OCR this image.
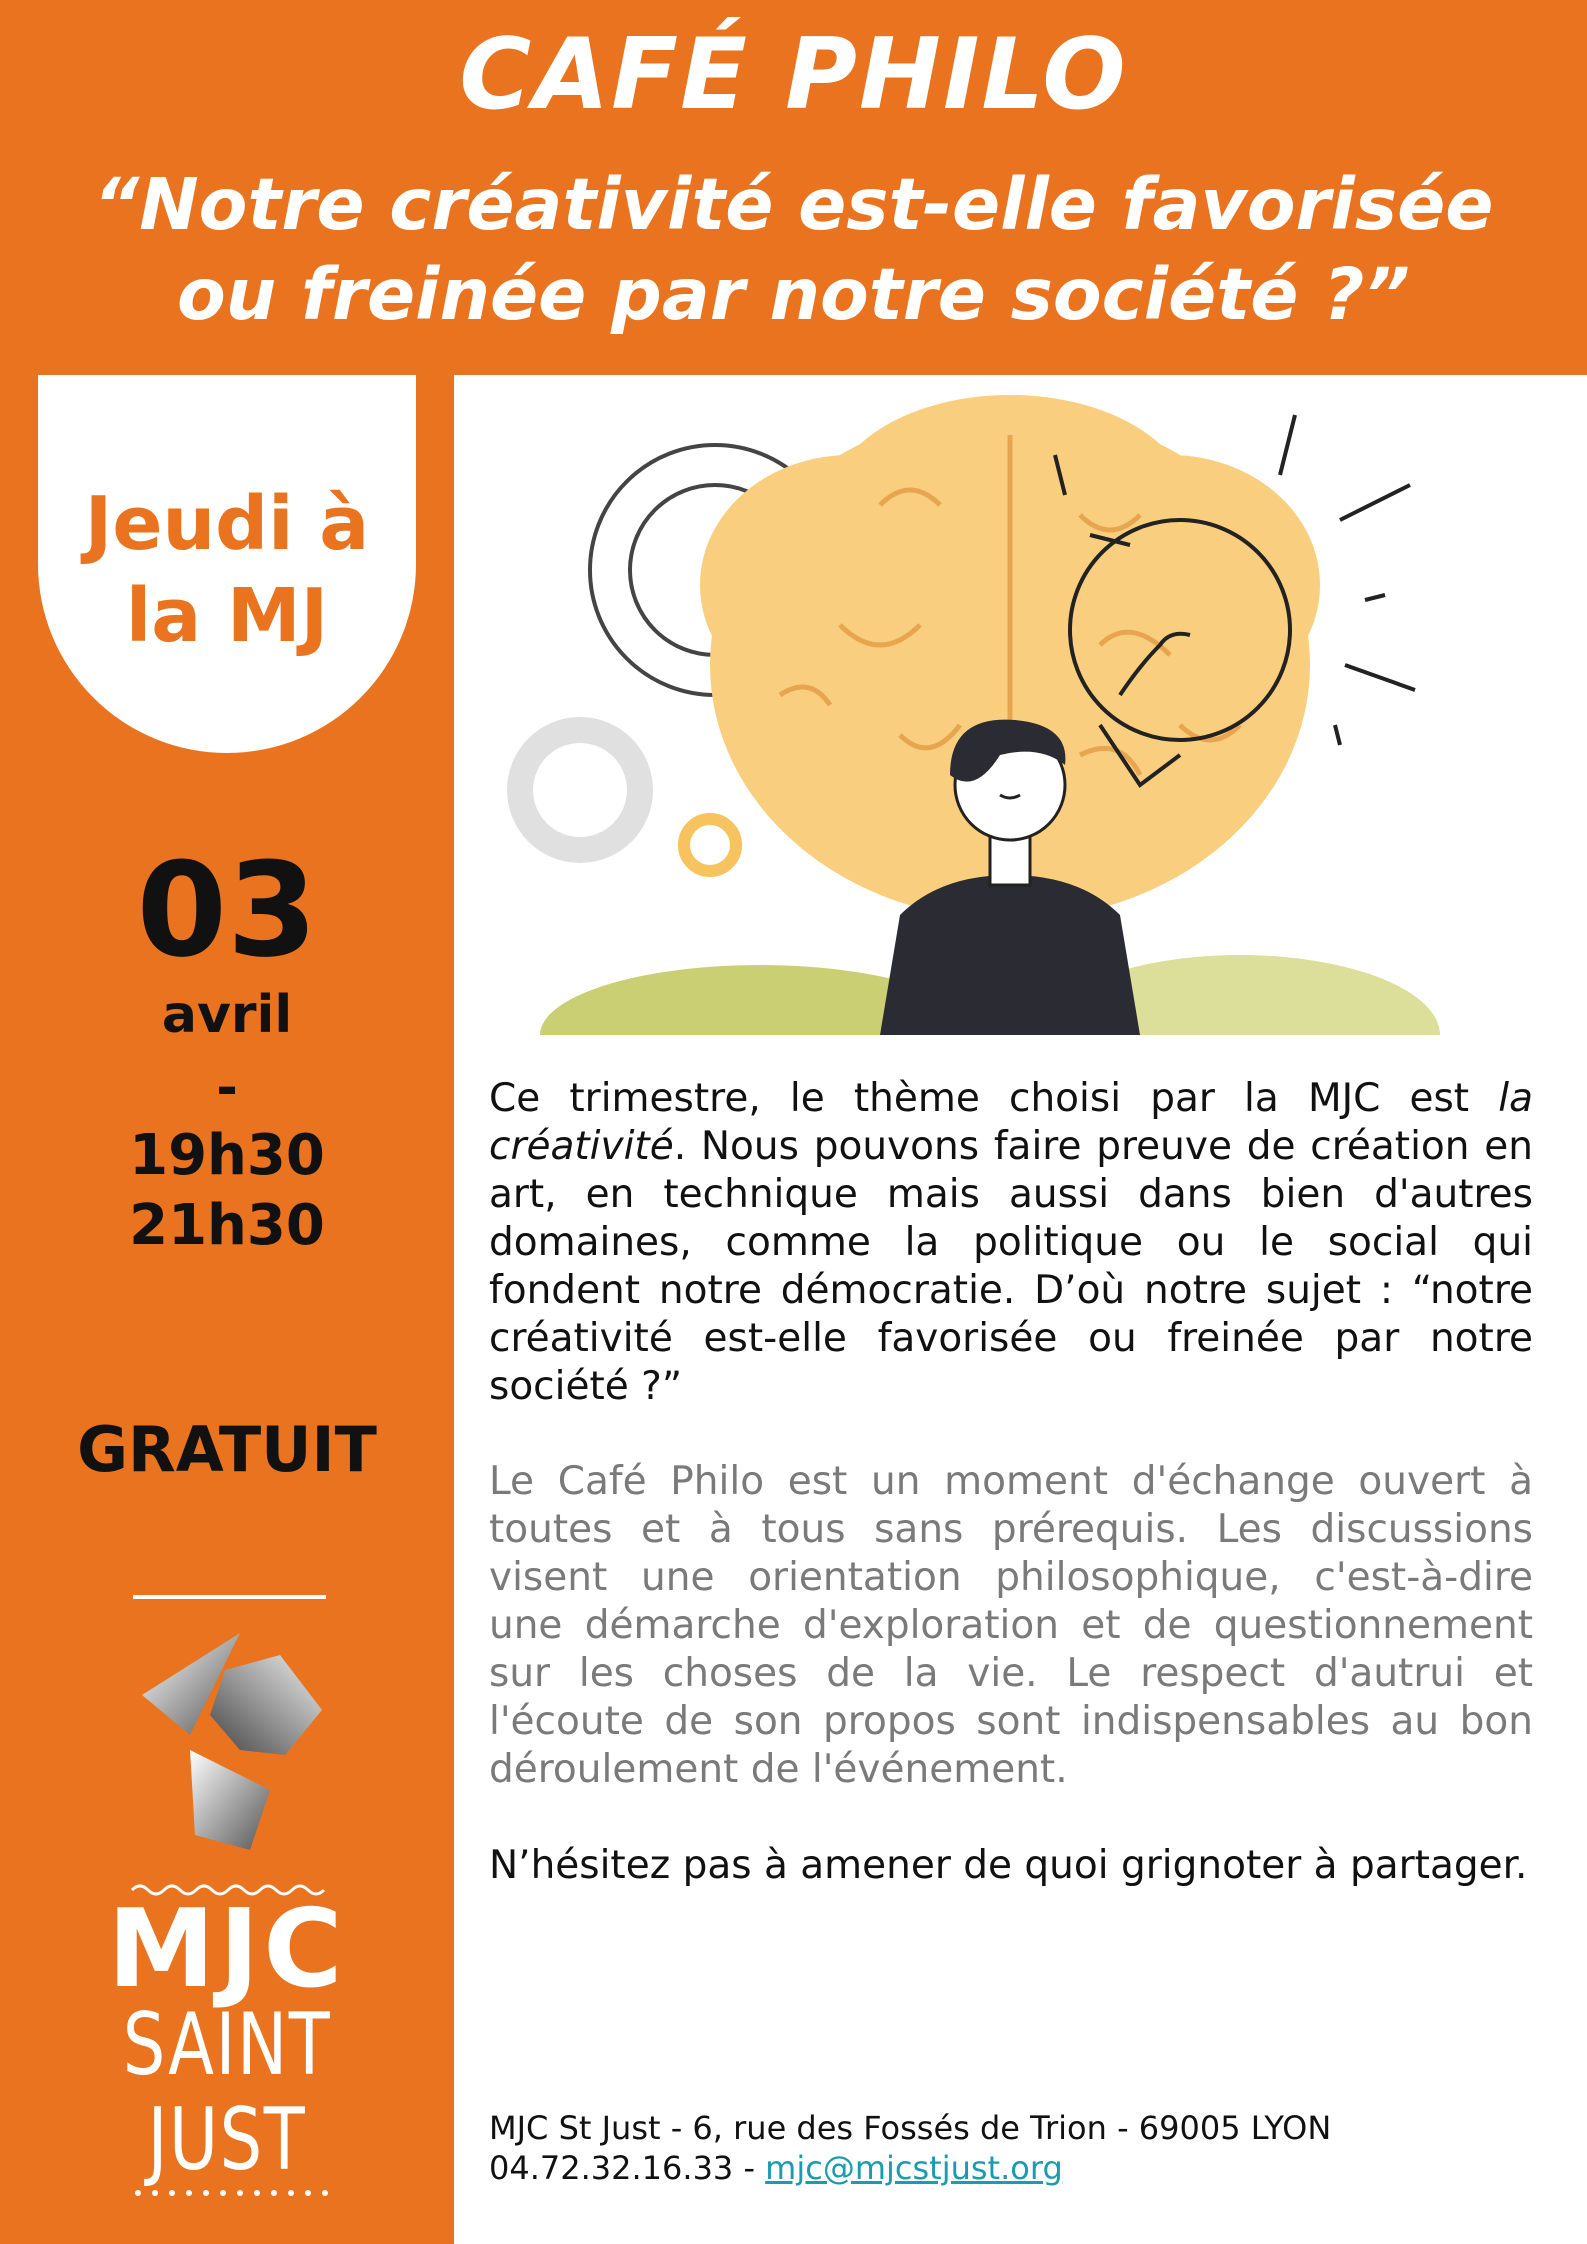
CAFÉ PHILO
“Notre créativité est-elle favorisée ou freinée par notre société ?”
Jeudi à
la MJ
03
avril
-
19h30
21h30
GRATUIT
MJC
SAINT
JUST
Ce trimestre, le thème choisi par la MJC est la créativité. Nous pouvons faire preuve de création en art, en technique mais aussi dans bien d'autres domaines, comme la politique ou le social qui fondent notre démocratie. D’où notre sujet : “notre créativité est-elle favorisée ou freinée par notre société ?”
Le Café Philo est un moment d'échange ouvert à toutes et à tous sans prérequis. Les discussions visent une orientation philosophique, c'est-à-dire une démarche d'exploration et de questionnement sur les choses de la vie. Le respect d'autrui et l'écoute de son propos sont indispensables au bon déroulement de l'événement.
N’hésitez pas à amener de quoi grignoter à partager.
MJC St Just - 6, rue des Fossés de Trion - 69005 LYON
04.72.32.16.33 - mjc@mjcstjust.org
